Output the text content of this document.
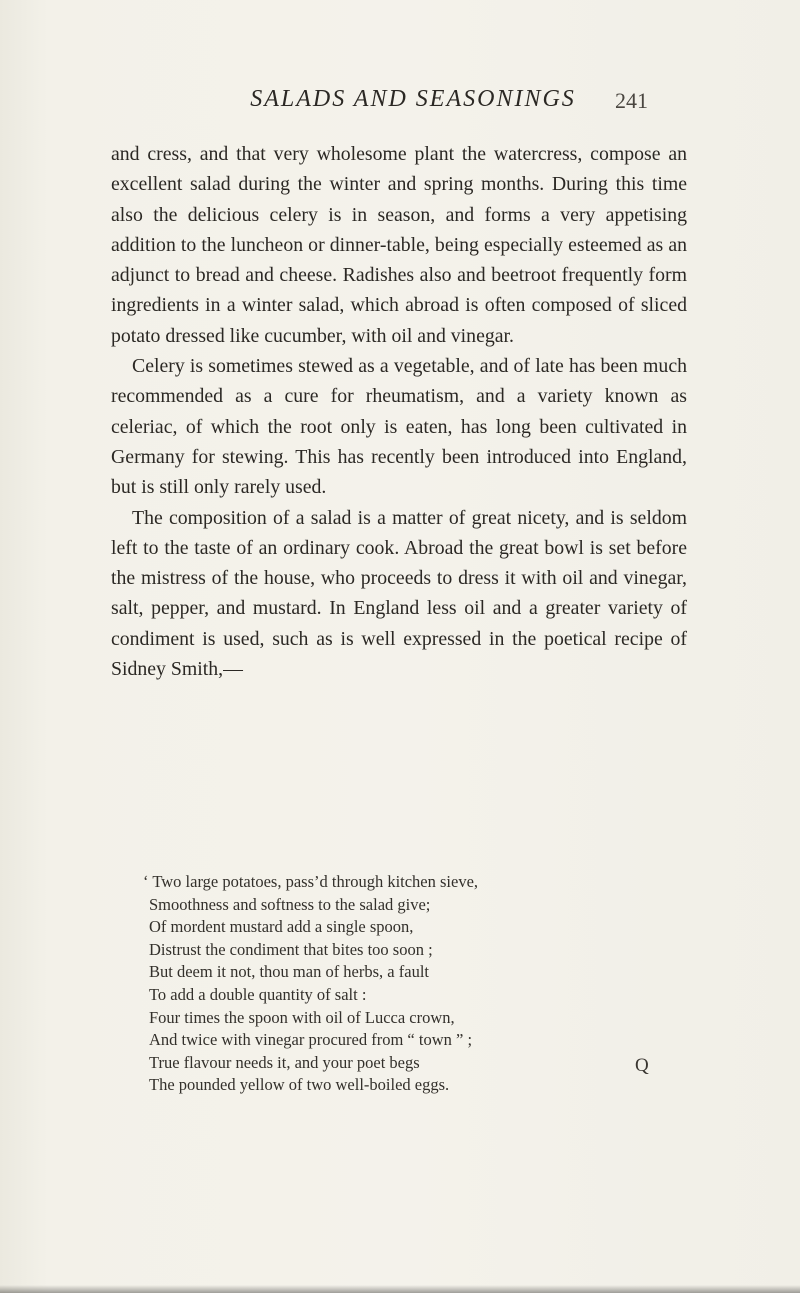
SALADS AND SEASONINGS	241

and cress, and that very wholesome plant the watercress, compose an excellent salad during the winter and spring months. During this time also the delicious celery is in season, and forms a very appetising addition to the luncheon or dinner-table, being especially esteemed as an adjunct to bread and cheese. Radishes also and beetroot frequently form ingredients in a winter salad, which abroad is often composed of sliced potato dressed like cucumber, with oil and vinegar.

Celery is sometimes stewed as a vegetable, and of late has been much recommended as a cure for rheumatism, and a variety known as celeriac, of which the root only is eaten, has long been cultivated in Germany for stewing. This has recently been introduced into England, but is still only rarely used.

The composition of a salad is a matter of great nicety, and is seldom left to the taste of an ordinary cook. Abroad the great bowl is set before the mistress of the house, who proceeds to dress it with oil and vinegar, salt, pepper, and mustard. In England less oil and a greater variety of condiment is used, such as is well expressed in the poetical recipe of Sidney Smith,—

‘ Two large potatoes, pass’d through kitchen sieve,
Smoothness and softness to the salad give;
Of mordent mustard add a single spoon,
Distrust the condiment that bites too soon ;
But deem it not, thou man of herbs, a fault
To add a double quantity of salt :
Four times the spoon with oil of Lucca crown,
And twice with vinegar procured from “ town ” ;
True flavour needs it, and your poet begs
The pounded yellow of two well-boiled eggs.
Q
